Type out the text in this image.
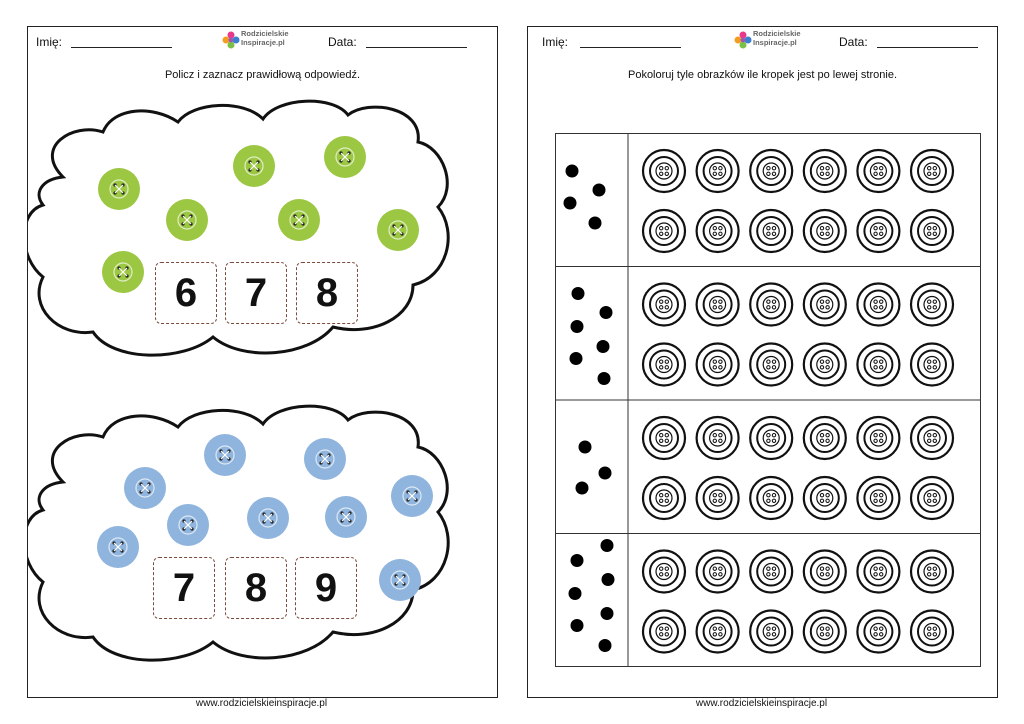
Imię:
Rodzicielskie
Inspiracje.pl	Data:
Policz i zaznacz prawidłową odpowiedź.
6	7	8
7	8	9
www.rodzicielskieinspiracje.pl
Imię:
Rodzicielskie
Inspiracje.pl	Data:
Pokoloruj tyle obrazków ile kropek jest po lewej stronie.
www.rodzicielskieinspiracje.pl
